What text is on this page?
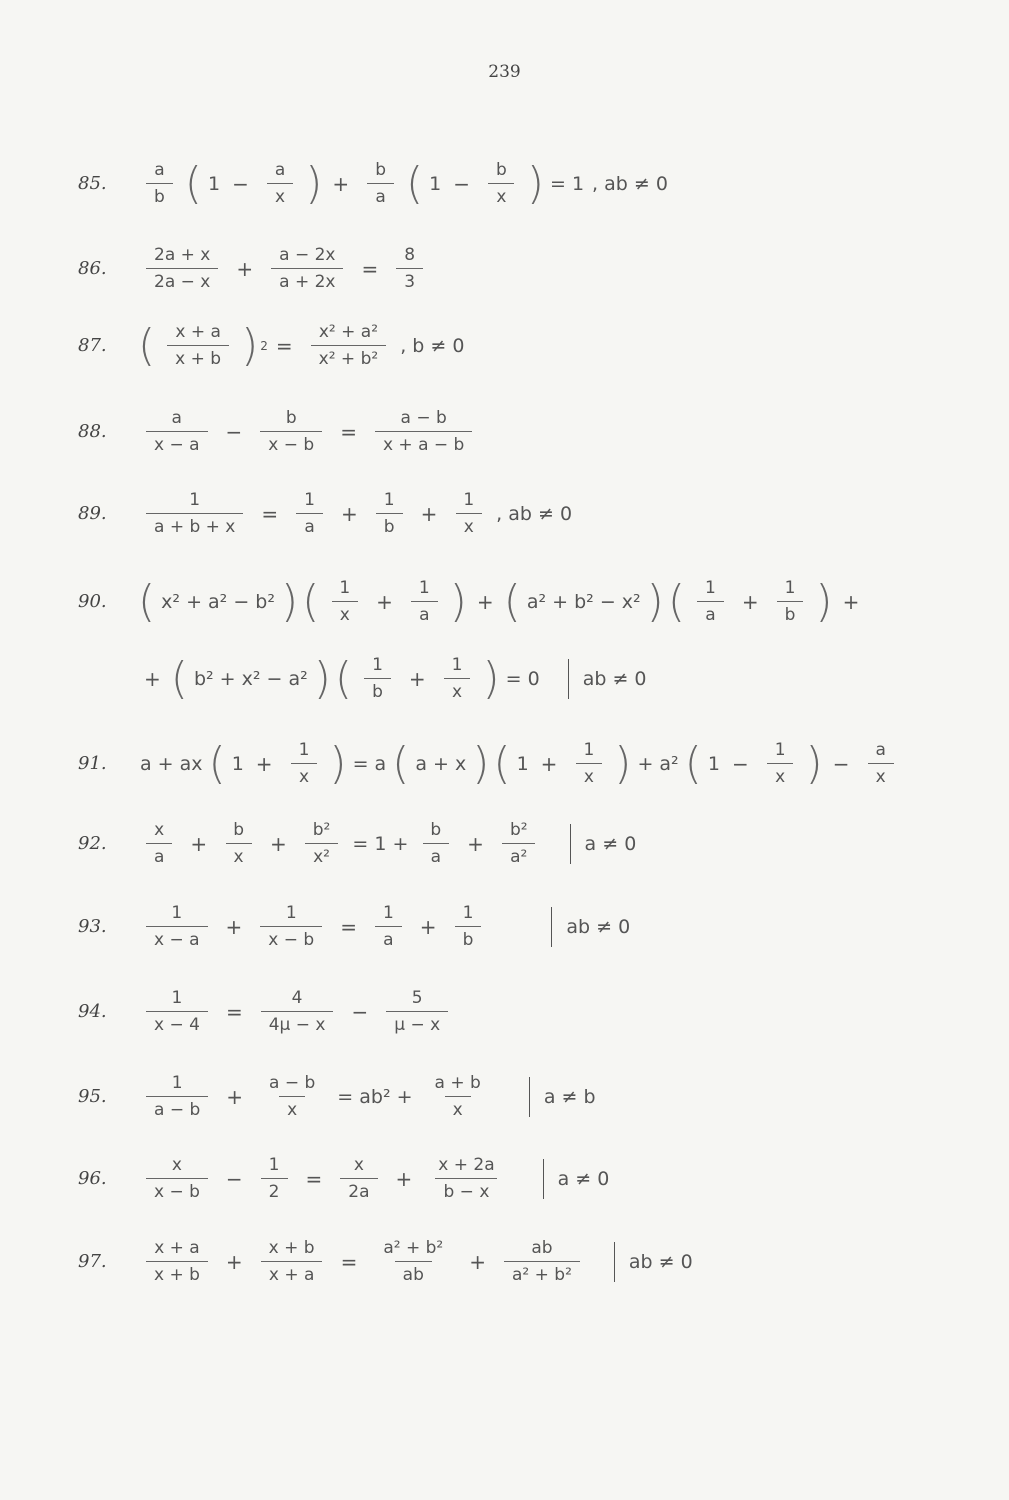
239
85.	$\frac{a}{b}$ ( $1 - \frac{a}{x}$ ) + $\frac{b}{a}$ ( $1 - \frac{b}{x}$ ) = 1 , ab ≠ 0
86.	$\frac{2a + x}{2a - x} + \frac{a - 2x}{a + 2x} = \frac{8}{3}$
87. ( $\frac{x + a}{x + b}$ ) $2 = \frac{\text{x² + a²}}{\text{x² + b²}}$ , b ≠ 0
88.	$\frac{a}{x - a} - \frac{b}{x - b} = \frac{a - b}{x + a - b}$
89.	$\frac{1}{a + b + x} = \frac{1}{a} + \frac{1}{b} + \frac{1}{x}$ , ab ≠ 0
90. ( x² + a² − b² ) ( $\frac{1}{x} + \frac{1}{a}$ ) + ( a² + b² − x² ) ( $\frac{1}{a} + \frac{1}{b}$ ) +
+ ( b² + x² − a² ) ( $\frac{1}{b} + \frac{1}{x}$ ) = 0	ab ≠ 0
91.	a + ax ( $1 + \frac{1}{x}$ ) = a ( a + x ) ( $1 + \frac{1}{x}$ ) + a² ( $1 - \frac{1}{x}$ ) − $\frac{a}{x}$
92.	$\frac{x}{a} + \frac{b}{x} + \frac{\text{b²}}{\text{x²}} = 1 + \frac{b}{a} + \frac{\text{b²}}{\text{a²}}$	a ≠ 0
93.	$\frac{1}{x - a} + \frac{1}{x - b} = \frac{1}{a} + \frac{1}{b}$	ab ≠ 0
94.	$\frac{1}{x - 4} = \frac{4}{4\mu - x} - \frac{5}{\mu - x}$
95.	$\frac{1}{a - b} + \frac{a - b}{x} = ab^2 + \frac{a + b}{x}$	a ≠ b
96.	$\frac{x}{x - b} - \frac{1}{2} = \frac{x}{2a} + \frac{x + 2a}{b - x}$	a ≠ 0
97.	$\frac{x + a}{x + b} + \frac{x + b}{x + a} = \frac{\text{a² + b²}}{ab} + \frac{ab}{\text{a² + b²}}$	ab ≠ 0
